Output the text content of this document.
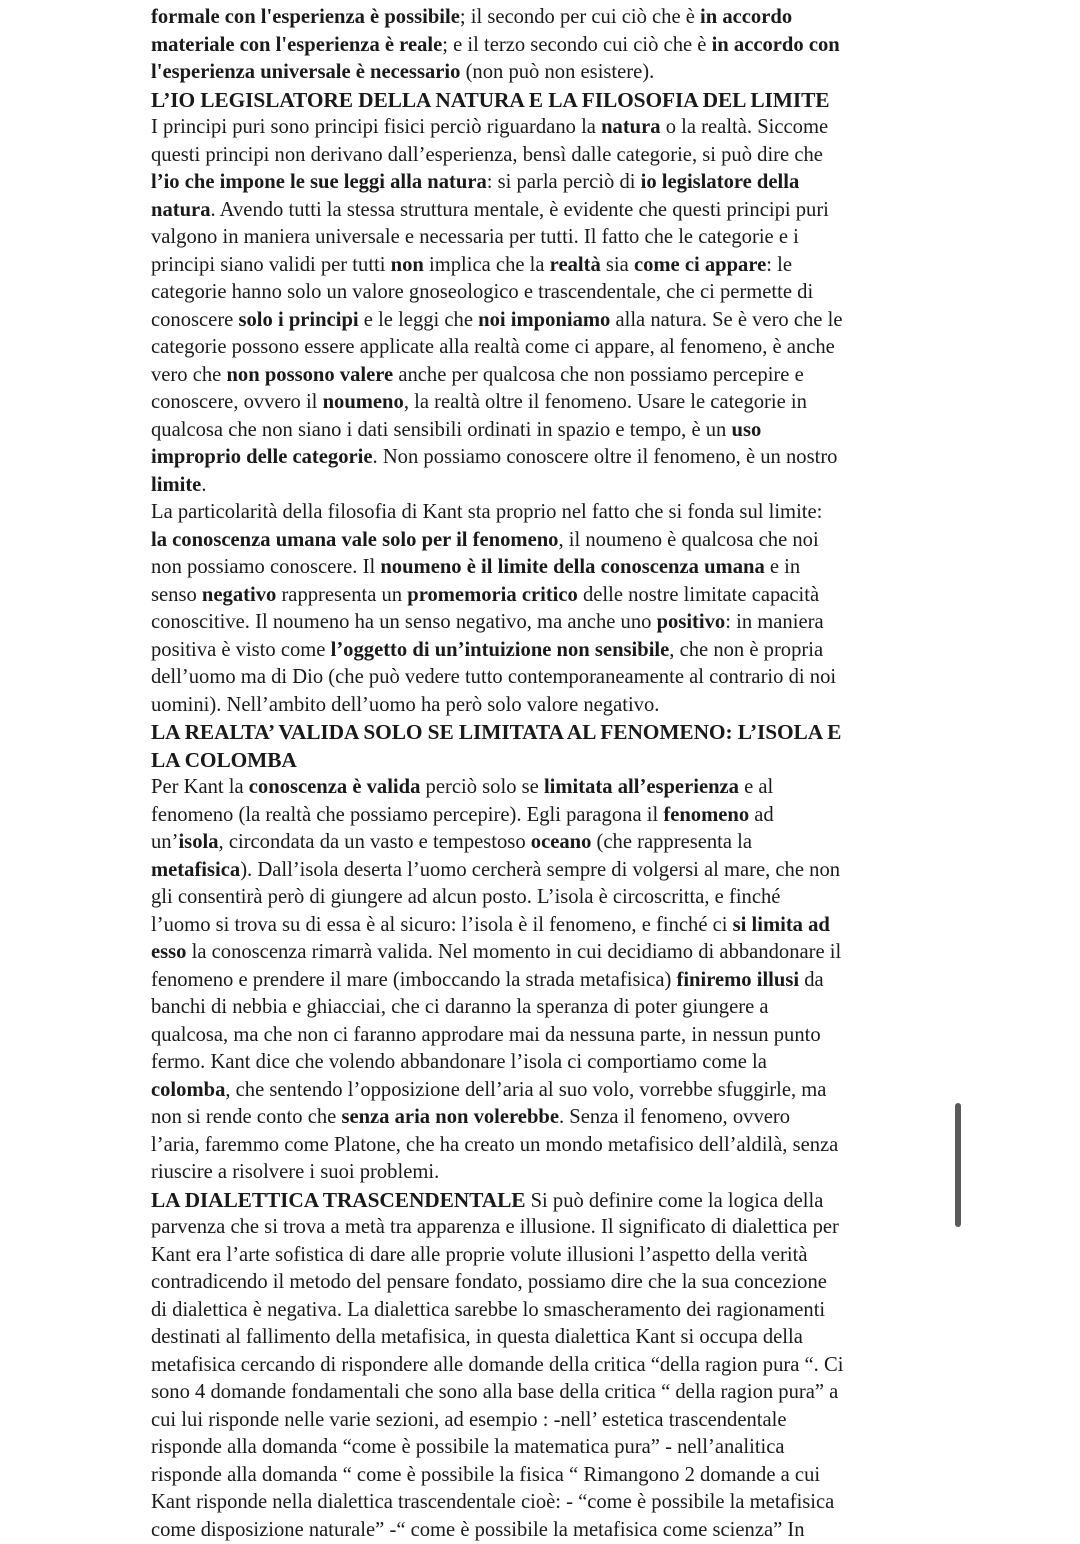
formale con l'esperienza è possibile; il secondo per cui ciò che è in accordo
materiale con l'esperienza è reale; e il terzo secondo cui ciò che è in accordo con
l'esperienza universale è necessario (non può non esistere).
L’IO LEGISLATORE DELLA NATURA E LA FILOSOFIA DEL LIMITE
I principi puri sono principi fisici perciò riguardano la natura o la realtà. Siccome
questi principi non derivano dall’esperienza, bensì dalle categorie, si può dire che
l’io che impone le sue leggi alla natura: si parla perciò di io legislatore della
natura. Avendo tutti la stessa struttura mentale, è evidente che questi principi puri
valgono in maniera universale e necessaria per tutti. Il fatto che le categorie e i
principi siano validi per tutti non implica che la realtà sia come ci appare: le
categorie hanno solo un valore gnoseologico e trascendentale, che ci permette di
conoscere solo i principi e le leggi che noi imponiamo alla natura. Se è vero che le
categorie possono essere applicate alla realtà come ci appare, al fenomeno, è anche
vero che non possono valere anche per qualcosa che non possiamo percepire e
conoscere, ovvero il noumeno, la realtà oltre il fenomeno. Usare le categorie in
qualcosa che non siano i dati sensibili ordinati in spazio e tempo, è un uso
improprio delle categorie. Non possiamo conoscere oltre il fenomeno, è un nostro
limite.
La particolarità della filosofia di Kant sta proprio nel fatto che si fonda sul limite:
la conoscenza umana vale solo per il fenomeno, il noumeno è qualcosa che noi
non possiamo conoscere. Il noumeno è il limite della conoscenza umana e in
senso negativo rappresenta un promemoria critico delle nostre limitate capacità
conoscitive. Il noumeno ha un senso negativo, ma anche uno positivo: in maniera
positiva è visto come l’oggetto di un’intuizione non sensibile, che non è propria
dell’uomo ma di Dio (che può vedere tutto contemporaneamente al contrario di noi
uomini). Nell’ambito dell’uomo ha però solo valore negativo.
LA REALTA’ VALIDA SOLO SE LIMITATA AL FENOMENO: L’ISOLA E
LA COLOMBA
Per Kant la conoscenza è valida perciò solo se limitata all’esperienza e al
fenomeno (la realtà che possiamo percepire). Egli paragona il fenomeno ad
un’isola, circondata da un vasto e tempestoso oceano (che rappresenta la
metafisica). Dall’isola deserta l’uomo cercherà sempre di volgersi al mare, che non
gli consentirà però di giungere ad alcun posto. L’isola è circoscritta, e finché
l’uomo si trova su di essa è al sicuro: l’isola è il fenomeno, e finché ci si limita ad
esso la conoscenza rimarrà valida. Nel momento in cui decidiamo di abbandonare il
fenomeno e prendere il mare (imboccando la strada metafisica) finiremo illusi da
banchi di nebbia e ghiacciai, che ci daranno la speranza di poter giungere a
qualcosa, ma che non ci faranno approdare mai da nessuna parte, in nessun punto
fermo. Kant dice che volendo abbandonare l’isola ci comportiamo come la
colomba, che sentendo l’opposizione dell’aria al suo volo, vorrebbe sfuggirle, ma
non si rende conto che senza aria non volerebbe. Senza il fenomeno, ovvero
l’aria, faremmo come Platone, che ha creato un mondo metafisico dell’aldilà, senza
riuscire a risolvere i suoi problemi.
LA DIALETTICA TRASCENDENTALE Si può definire come la logica della
parvenza che si trova a metà tra apparenza e illusione. Il significato di dialettica per
Kant era l’arte sofistica di dare alle proprie volute illusioni l’aspetto della verità
contradicendo il metodo del pensare fondato, possiamo dire che la sua concezione
di dialettica è negativa. La dialettica sarebbe lo smascheramento dei ragionamenti
destinati al fallimento della metafisica, in questa dialettica Kant si occupa della
metafisica cercando di rispondere alle domande della critica “della ragion pura “. Ci
sono 4 domande fondamentali che sono alla base della critica “ della ragion pura” a
cui lui risponde nelle varie sezioni, ad esempio : -nell’ estetica trascendentale
risponde alla domanda “come è possibile la matematica pura” - nell’analitica
risponde alla domanda “ come è possibile la fisica “ Rimangono 2 domande a cui
Kant risponde nella dialettica trascendentale cioè: - “come è possibile la metafisica
come disposizione naturale” -“ come è possibile la metafisica come scienza” In
